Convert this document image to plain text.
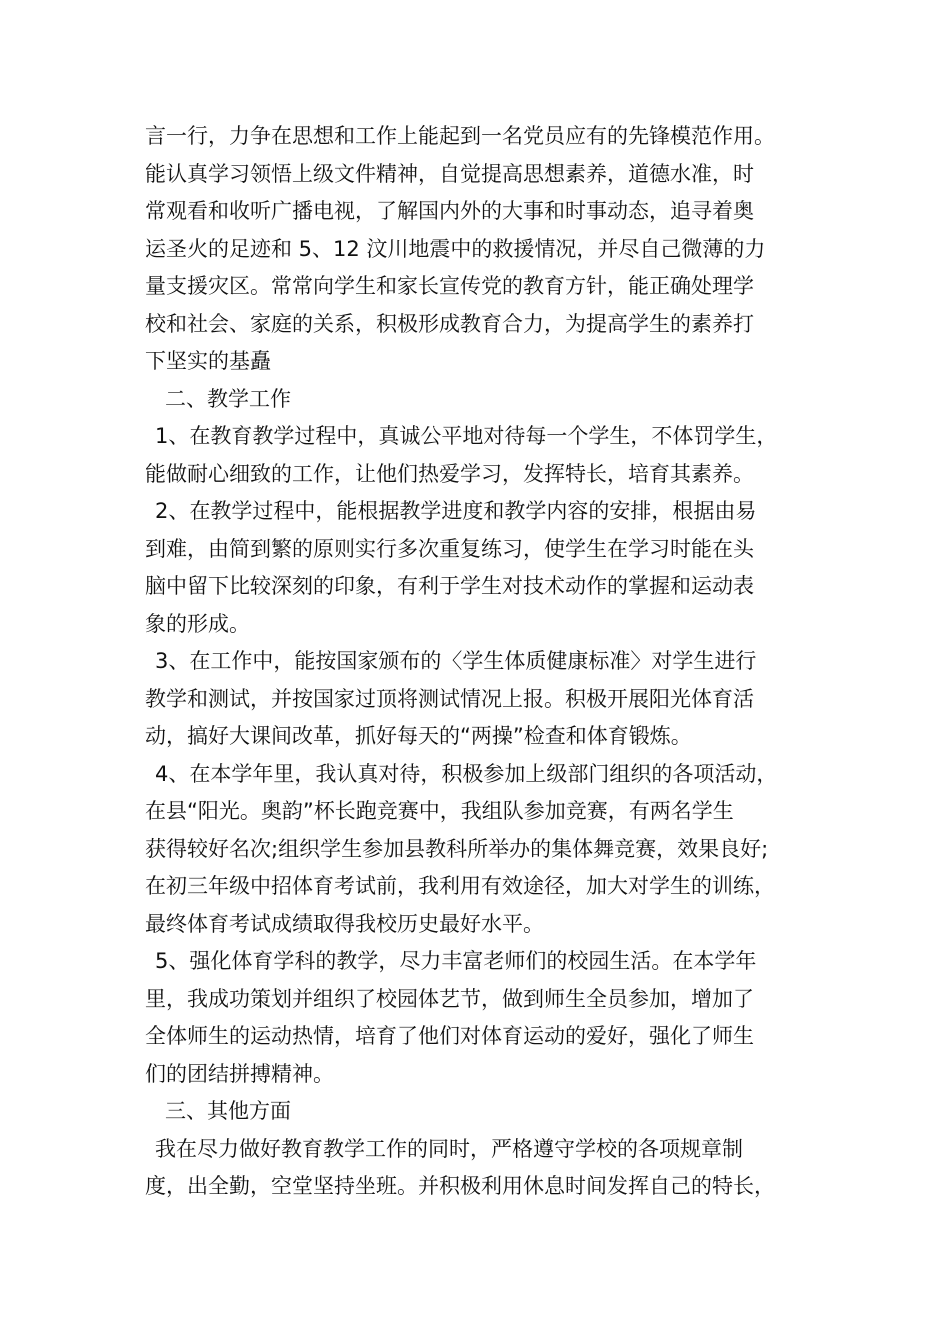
言一行，力争在思想和工作上能起到一名党员应有的先锋模范作用。
能认真学习领悟上级文件精神，自觉提高思想素养，道德水准，时
常观看和收听广播电视，了解国内外的大事和时事动态，追寻着奥
运圣火的足迹和 5、12 汶川地震中的救援情况，并尽自己微薄的力
量支援灾区。常常向学生和家长宣传党的教育方针，能正确处理学
校和社会、家庭的关系，积极形成教育合力，为提高学生的素养打
下坚实的基矗
二、教学工作
1、在教育教学过程中，真诚公平地对待每一个学生，不体罚学生，
能做耐心细致的工作，让他们热爱学习，发挥特长，培育其素养。
2、在教学过程中，能根据教学进度和教学内容的安排，根据由易
到难，由简到繁的原则实行多次重复练习，使学生在学习时能在头
脑中留下比较深刻的印象，有利于学生对技术动作的掌握和运动表
象的形成。
3、在工作中，能按国家颁布的〈学生体质健康标准〉对学生进行
教学和测试，并按国家过顶将测试情况上报。积极开展阳光体育活
动，搞好大课间改革，抓好每天的“两操”检查和体育锻炼。
4、在本学年里，我认真对待，积极参加上级部门组织的各项活动，
在县“阳光。奥韵”杯长跑竞赛中，我组队参加竞赛，有两名学生
获得较好名次;组织学生参加县教科所举办的集体舞竞赛，效果良好;
在初三年级中招体育考试前，我利用有效途径，加大对学生的训练，
最终体育考试成绩取得我校历史最好水平。
5、强化体育学科的教学，尽力丰富老师们的校园生活。在本学年
里，我成功策划并组织了校园体艺节，做到师生全员参加，增加了
全体师生的运动热情，培育了他们对体育运动的爱好，强化了师生
们的团结拼搏精神。
三、其他方面
我在尽力做好教育教学工作的同时，严格遵守学校的各项规章制
度，出全勤，空堂坚持坐班。并积极利用休息时间发挥自己的特长，
